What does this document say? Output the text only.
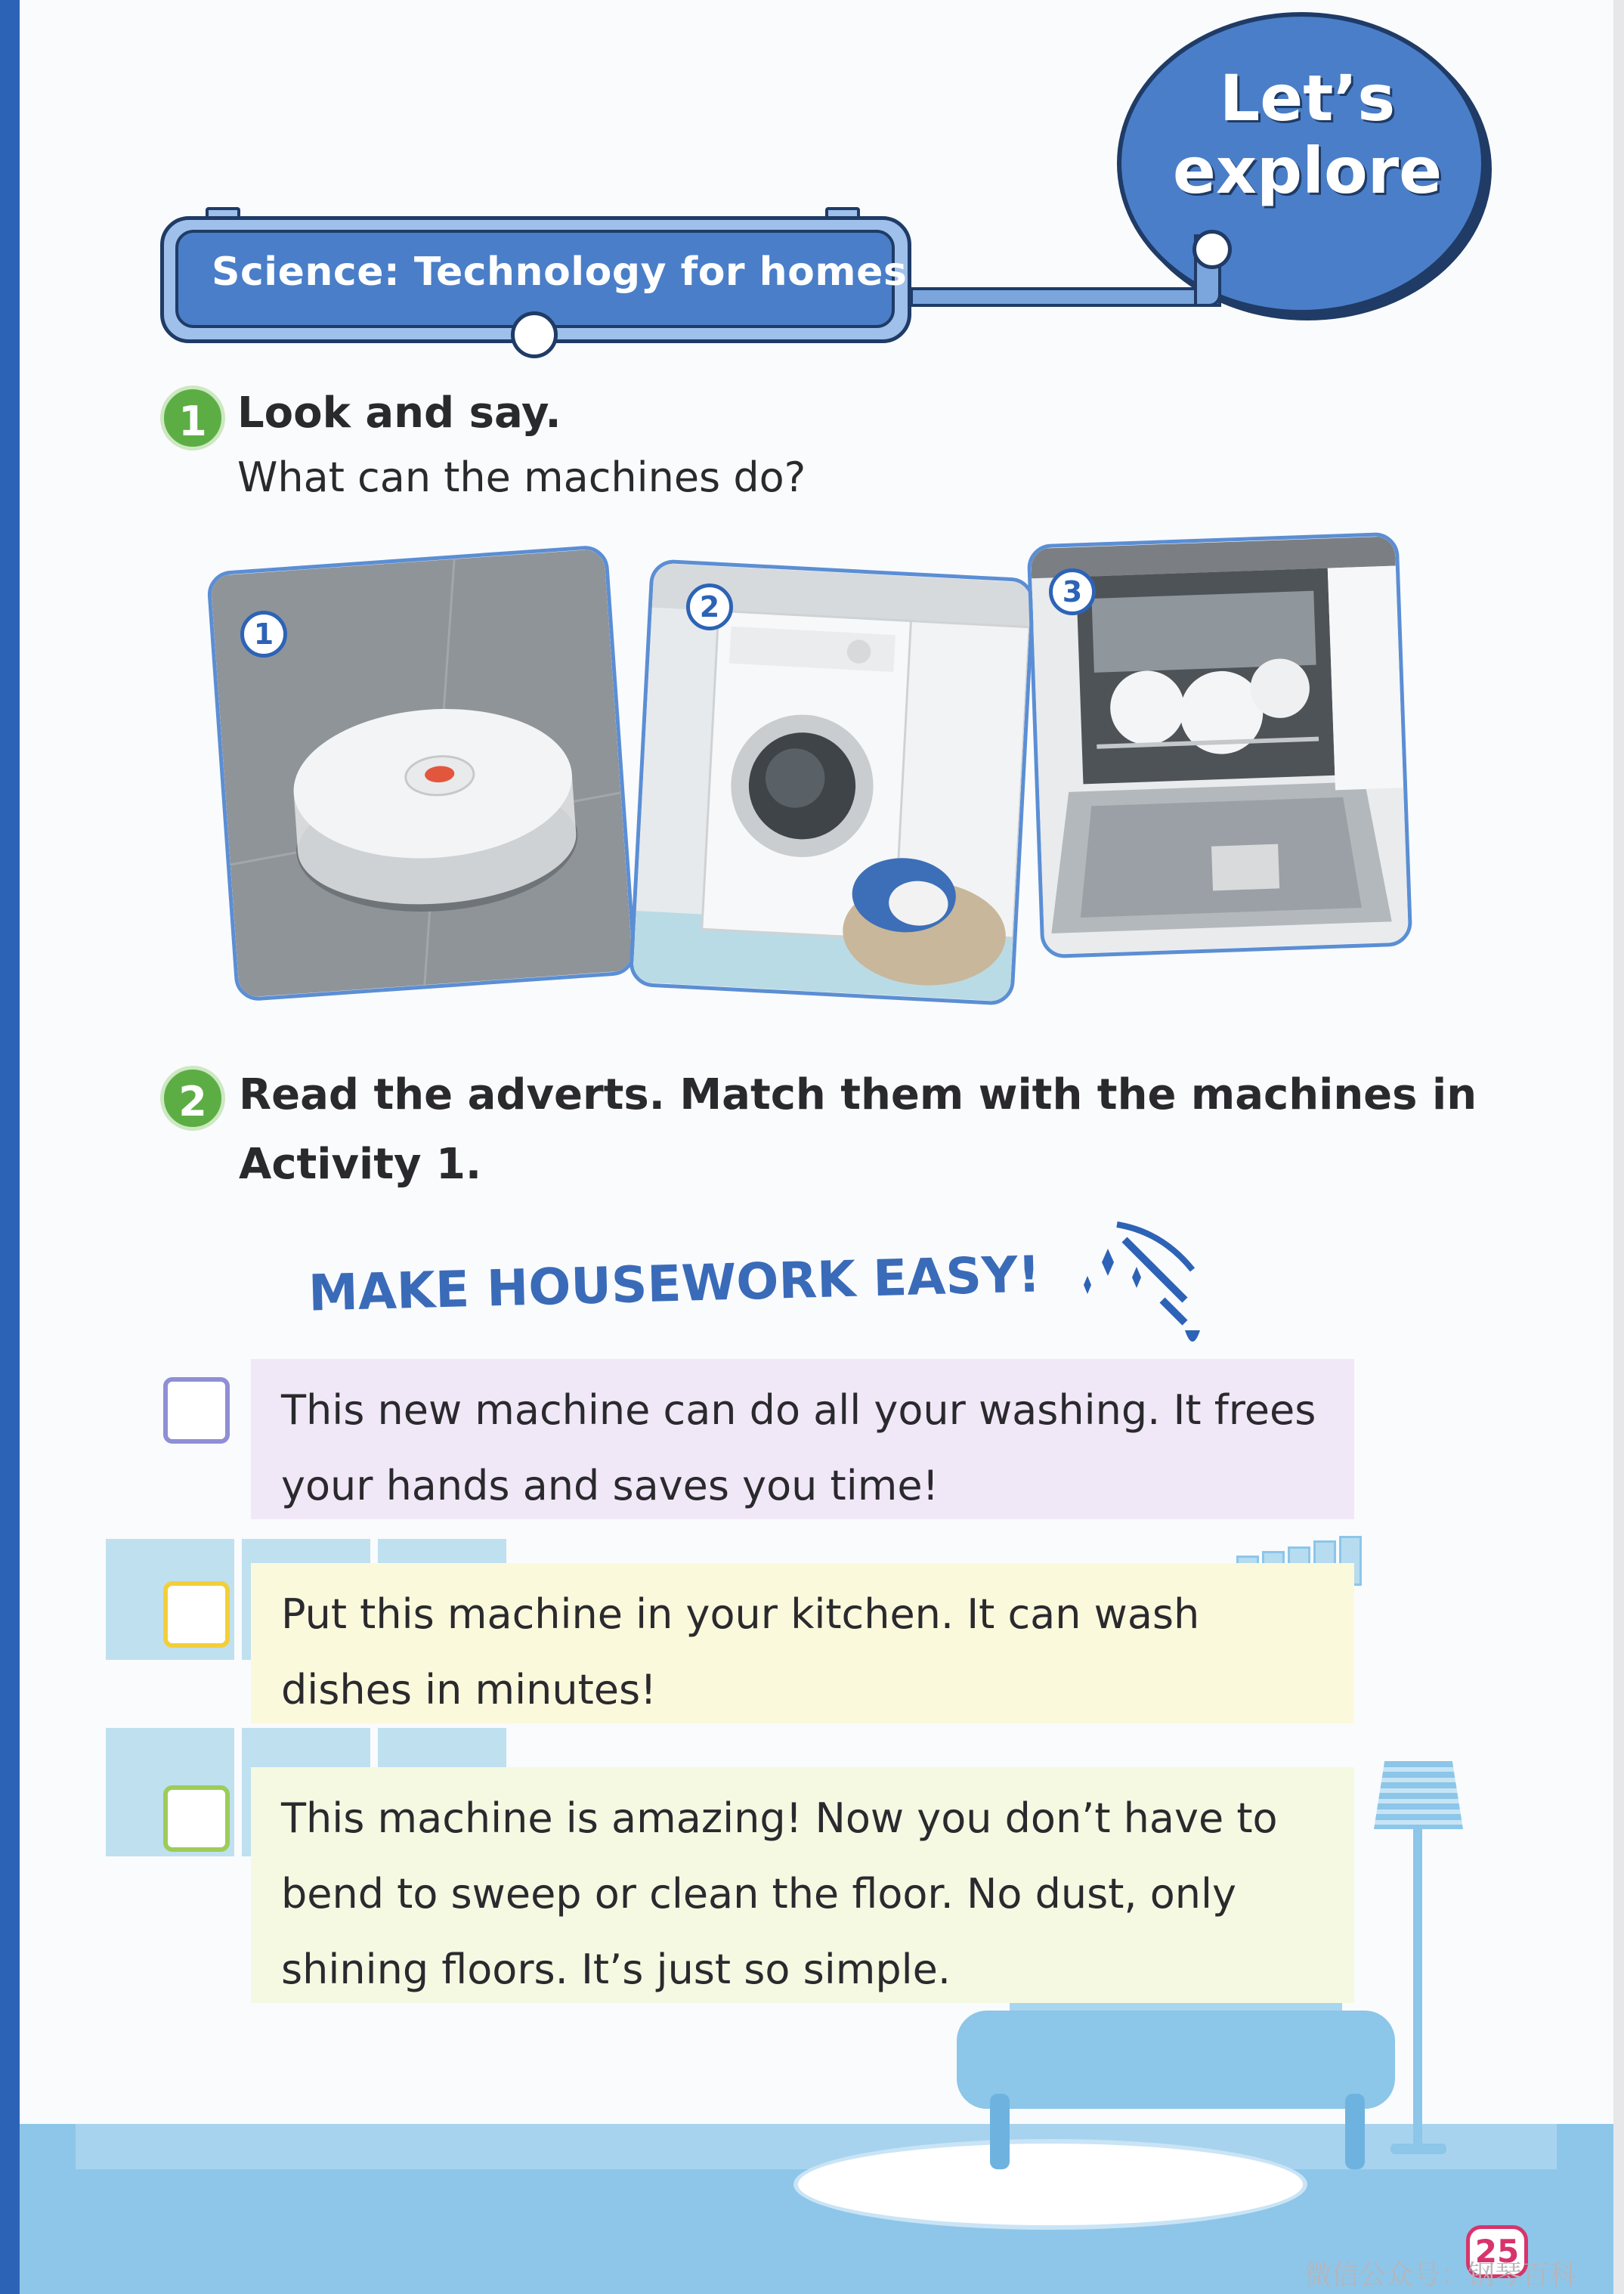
Let’s
explore
Science: Technology for homes
1 Look and say.
What can the machines do?
1
2	3
2 Read the adverts. Match them with the machines in
Activity 1.
MAKE HOUSEWORK EASY!
This new machine can do all your washing. It frees
your hands and saves you time!
Put this machine in your kitchen. It can wash
dishes in minutes!
This machine is amazing! Now you don’t have to
bend to sweep or clean the floor. No dust, only
shining floors. It’s just so simple.
25
微信公众号：钢琴百科
